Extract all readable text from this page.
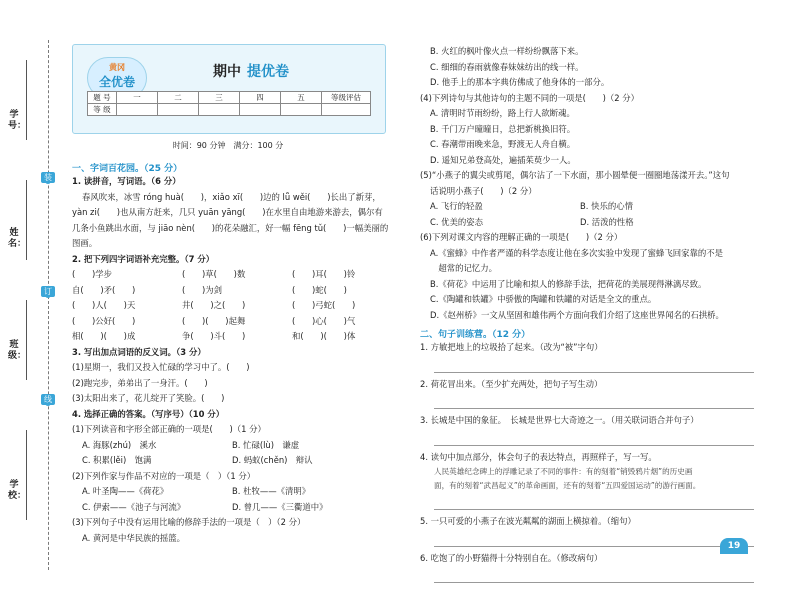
装
订
线
学号：
姓名：
班级：
学校：
黄冈
全优卷
期中 提优卷
题 号	一	二	三	四	五	等级评估
等 级						
时间：90 分钟　满分：100 分
一、字词百花园。（25 分）
1. 读拼音，写词语。（6 分）
春风吹来，冰雪 róng huà(　　)，xiǎo xī(　　)边的 lǚ wěi(　　)长出了新芽，
yàn zi(　　)也从南方赶来，几只 yuān yāng(　　)在水里自由地游来游去，偶尔有
几条小鱼跳出水面，与 jiāo nèn(　　)的花朵融汇，好一幅 fēng tǔ(　　)一幅美丽的
图画。
2. 把下列四字词语补充完整。（7 分）
(　　)学步	(　　)草(　　)数	(　　)耳(　　)铃
自(　　)矛(　　)	(　　)为剑	(　　)蛇(　　)
(　　)人(　　)天	井(　　)之(　　)	(　　)弓蛇(　　)
(　　)公好(　　)	(　　)(　　)起舞	(　　)心(　　)气
相(　　)(　　)成	争(　　)斗(　　)	和(　　)(　　)体
3. 写出加点词语的反义词。（3 分）
(1)星期一，我们又投入忙碌的学习中了。(　　)
(2)跑完步，弟弟出了一身汗。(　　)
(3)太阳出来了，花儿绽开了笑脸。(　　)
4. 选择正确的答案。（写序号）（10 分）
(1)下列读音和字形全部正确的一项是(　　)（1 分）
A. 海豚(zhú)　溪水	B. 忙碌(lù)　谦虚
C. 积累(lěi)　饱满	D. 蚂蚁(chěn)　辩认
(2)下列作家与作品不对应的一项是（　）（1 分）
A. 叶圣陶——《荷花》	B. 杜牧——《清明》
C. 伊索——《池子与河流》	D. 曾几——《三衢道中》
(3)下列句子中没有运用比喻的修辞手法的一项是（　）（2 分）
A. 黄河是中华民族的摇篮。
B. 火红的枫叶像火点一样纷纷飘落下来。
C. 细细的春雨就像春妹妹纺出的线一样。
D. 他手上的那本字典仿佛成了他身体的一部分。
(4)下列诗句与其他诗句的主题不同的一项是(　　)（2 分）
A. 清明时节雨纷纷，路上行人欲断魂。
B. 千门万户曈曈日，总把新桃换旧符。
C. 春潮带雨晚来急，野渡无人舟自横。
D. 遥知兄弟登高处，遍插茱萸少一人。
(5)“小燕子的翼尖或剪尾，偶尔沾了一下水面，那小圆晕便一圈圈地荡漾开去。”这句
话说明小燕子(　　)（2 分）
A. 飞行的轻盈	B. 快乐的心情
C. 优美的姿态	D. 活泼的性格
(6)下列对课文内容的理解正确的一项是(　　)（2 分）
A.《蜜蜂》中作者严谨的科学态度让他在多次实验中发现了蜜蜂飞回家靠的不是
　超常的记忆力。
B.《荷花》中运用了比喻和拟人的修辞手法，把荷花的美展现得淋漓尽致。
C.《陶罐和铁罐》中骄傲的陶罐和铁罐的对话是全文的重点。
D.《赵州桥》一文从坚固和雄伟两个方面向我们介绍了这座世界闻名的石拱桥。
二、句子训练营。（12 分）
1. 方敏把地上的垃圾拾了起来。（改为“被”字句）
2. 荷花冒出来。（至少扩充两处，把句子写生动）
3. 长城是中国的象征。　长城是世界七大奇迹之一。（用关联词语合并句子）
4. 读句中加点部分，体会句子的表达特点，再照样子，写一写。
人民英雄纪念碑上的浮雕记录了不同的事件：有的刻着“销毁鸦片烟”的历史画
面，有的刻着“武昌起义”的革命画面，还有的刻着“五四爱国运动”的游行画面。
5. 一只可爱的小燕子在波光粼粼的湖面上横掠着。（缩句）
6. 吃饱了的小野猫得十分特别自在。（修改病句）
19
